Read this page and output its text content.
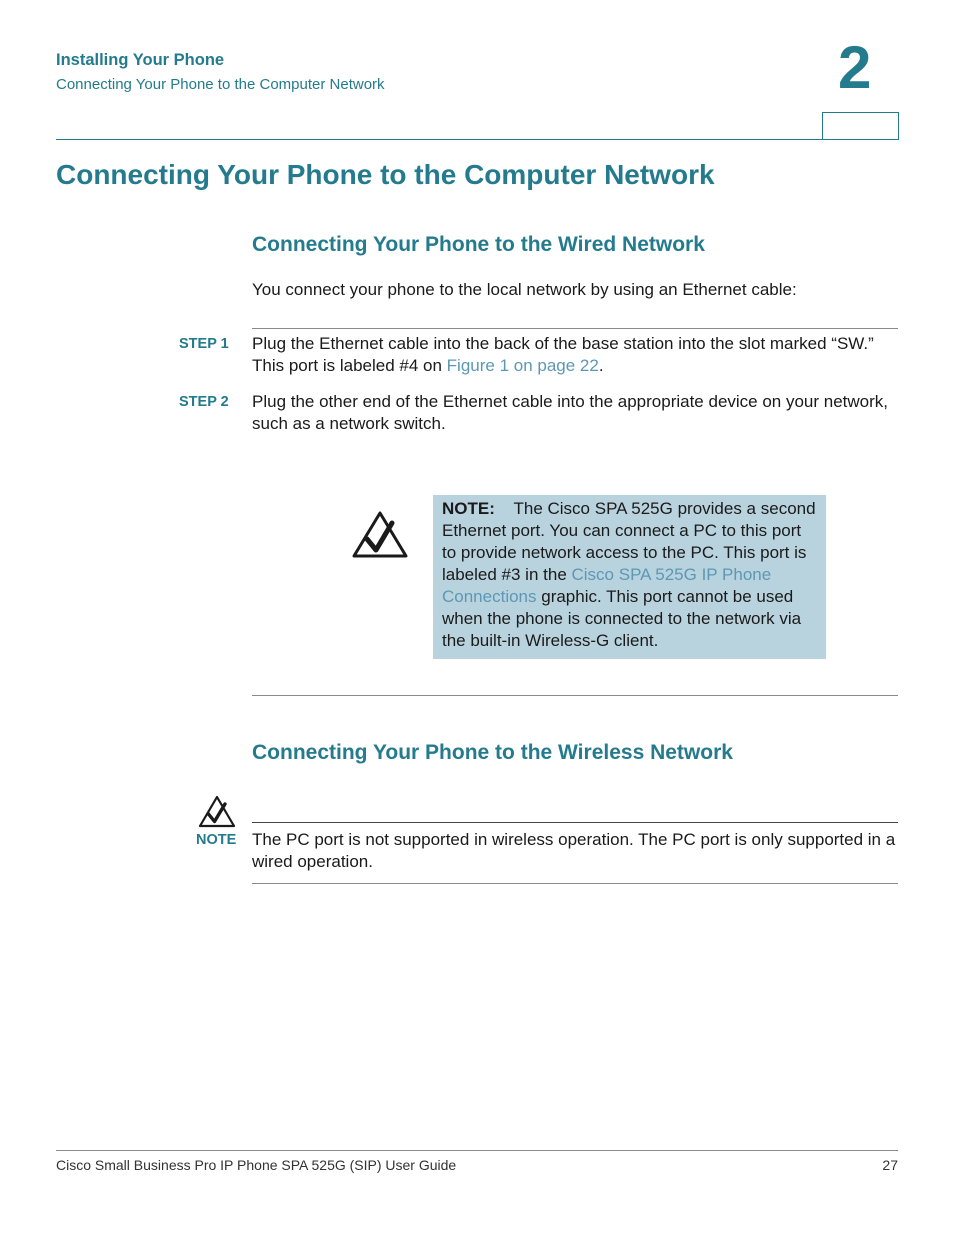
Installing Your Phone
Connecting Your Phone to the Computer Network	2
Connecting Your Phone to the Computer Network
Connecting Your Phone to the Wired Network
You connect your phone to the local network by using an Ethernet cable:
STEP 1 Plug the Ethernet cable into the back of the base station into the slot marked “SW.” This port is labeled #4 on Figure 1 on page 22.
STEP 2 Plug the other end of the Ethernet cable into the appropriate device on your network, such as a network switch.
NOTE: The Cisco SPA 525G provides a second Ethernet port. You can connect a PC to this port to provide network access to the PC. This port is labeled #3 in the Cisco SPA 525G IP Phone Connections graphic. This port cannot be used when the phone is connected to the network via the built-in Wireless-G client.
Connecting Your Phone to the Wireless Network
NOTE The PC port is not supported in wireless operation. The PC port is only supported in a wired operation.
Cisco Small Business Pro IP Phone SPA 525G (SIP) User Guide	27
